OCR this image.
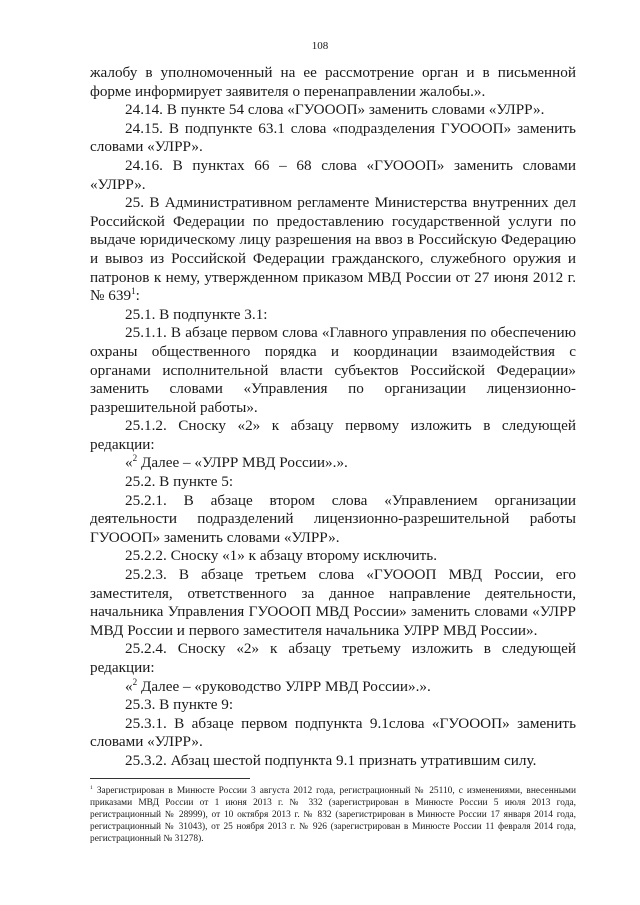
108

жалобу в уполномоченный на ее рассмотрение орган и в письменной форме информирует заявителя о перенаправлении жалобы.».

24.14. В пункте 54 слова «ГУОООП» заменить словами «УЛРР».

24.15. В подпункте 63.1 слова «подразделения ГУОООП» заменить словами «УЛРР».

24.16. В пунктах 66 – 68 слова «ГУОООП» заменить словами «УЛРР».

25. В Административном регламенте Министерства внутренних дел Российской Федерации по предоставлению государственной услуги по выдаче юридическому лицу разрешения на ввоз в Российскую Федерацию и вывоз из Российской Федерации гражданского, служебного оружия и патронов к нему, утвержденном приказом МВД России от 27 июня 2012 г. № $639^1$:

25.1. В подпункте 3.1:

25.1.1. В абзаце первом слова «Главного управления по обеспечению охраны общественного порядка и координации взаимодействия с органами исполнительной власти субъектов Российской Федерации» заменить словами «Управления по организации лицензионно-разрешительной работы».

25.1.2. Сноску «2» к абзацу первому изложить в следующей редакции:

«$^2$ Далее – «УЛРР МВД России».».

25.2. В пункте 5:

25.2.1. В абзаце втором слова «Управлением организации деятельности подразделений лицензионно-разрешительной работы ГУОООП» заменить словами «УЛРР».

25.2.2. Сноску «1» к абзацу второму исключить.

25.2.3. В абзаце третьем слова «ГУОООП МВД России, его заместителя, ответственного за данное направление деятельности, начальника Управления ГУОООП МВД России» заменить словами «УЛРР МВД России и первого заместителя начальника УЛРР МВД России».

25.2.4. Сноску «2» к абзацу третьему изложить в следующей редакции:

«$^2$ Далее – «руководство УЛРР МВД России».».

25.3. В пункте 9:

25.3.1. В абзаце первом подпункта 9.1слова «ГУОООП» заменить словами «УЛРР».

25.3.2. Абзац шестой подпункта 9.1 признать утратившим силу.

$^1$ Зарегистрирован в Минюсте России 3 августа 2012 года, регистрационный № 25110, с изменениями, внесенными приказами МВД России от 1 июня 2013 г. № 332 (зарегистрирован в Минюсте России 5 июля 2013 года, регистрационный № 28999), от 10 октября 2013 г. № 832 (зарегистрирован в Минюсте России 17 января 2014 года, регистрационный № 31043), от 25 ноября 2013 г. № 926 (зарегистрирован в Минюсте России 11 февраля 2014 года, регистрационный № 31278).
